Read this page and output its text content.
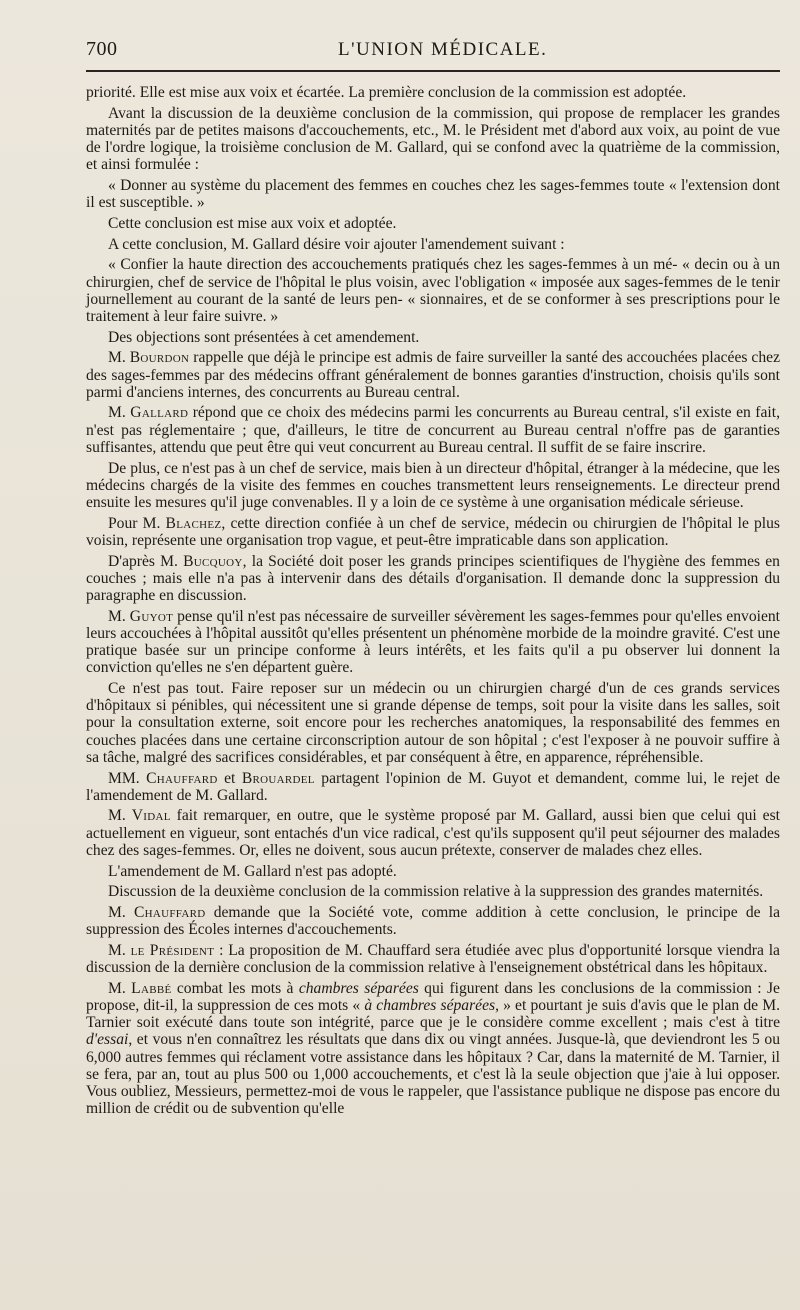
700	L'UNION MÉDICALE.

priorité. Elle est mise aux voix et écartée. La première conclusion de la commission est adoptée.

Avant la discussion de la deuxième conclusion de la commission, qui propose de remplacer les grandes maternités par de petites maisons d'accouchements, etc., M. le Président met d'abord aux voix, au point de vue de l'ordre logique, la troisième conclusion de M. Gallard, qui se confond avec la quatrième de la commission, et ainsi formulée :

« Donner au système du placement des femmes en couches chez les sages-femmes toute « l'extension dont il est susceptible. »

Cette conclusion est mise aux voix et adoptée.

A cette conclusion, M. Gallard désire voir ajouter l'amendement suivant :

« Confier la haute direction des accouchements pratiqués chez les sages-femmes à un mé- « decin ou à un chirurgien, chef de service de l'hôpital le plus voisin, avec l'obligation « imposée aux sages-femmes de le tenir journellement au courant de la santé de leurs pen- « sionnaires, et de se conformer à ses prescriptions pour le traitement à leur faire suivre. »

Des objections sont présentées à cet amendement.

M. Bourdon rappelle que déjà le principe est admis de faire surveiller la santé des accouchées placées chez des sages-femmes par des médecins offrant généralement de bonnes garanties d'instruction, choisis qu'ils sont parmi d'anciens internes, des concurrents au Bureau central.

M. Gallard répond que ce choix des médecins parmi les concurrents au Bureau central, s'il existe en fait, n'est pas réglementaire ; que, d'ailleurs, le titre de concurrent au Bureau central n'offre pas de garanties suffisantes, attendu que peut être qui veut concurrent au Bureau central. Il suffit de se faire inscrire.

De plus, ce n'est pas à un chef de service, mais bien à un directeur d'hôpital, étranger à la médecine, que les médecins chargés de la visite des femmes en couches transmettent leurs renseignements. Le directeur prend ensuite les mesures qu'il juge convenables. Il y a loin de ce système à une organisation médicale sérieuse.

Pour M. Blachez, cette direction confiée à un chef de service, médecin ou chirurgien de l'hôpital le plus voisin, représente une organisation trop vague, et peut-être impraticable dans son application.

D'après M. Bucquoy, la Société doit poser les grands principes scientifiques de l'hygiène des femmes en couches ; mais elle n'a pas à intervenir dans des détails d'organisation. Il demande donc la suppression du paragraphe en discussion.

M. Guyot pense qu'il n'est pas nécessaire de surveiller sévèrement les sages-femmes pour qu'elles envoient leurs accouchées à l'hôpital aussitôt qu'elles présentent un phénomène morbide de la moindre gravité. C'est une pratique basée sur un principe conforme à leurs intérêts, et les faits qu'il a pu observer lui donnent la conviction qu'elles ne s'en départent guère.

Ce n'est pas tout. Faire reposer sur un médecin ou un chirurgien chargé d'un de ces grands services d'hôpitaux si pénibles, qui nécessitent une si grande dépense de temps, soit pour la visite dans les salles, soit pour la consultation externe, soit encore pour les recherches anatomiques, la responsabilité des femmes en couches placées dans une certaine circonscription autour de son hôpital ; c'est l'exposer à ne pouvoir suffire à sa tâche, malgré des sacrifices considérables, et par conséquent à être, en apparence, répréhensible.

MM. Chauffard et Brouardel partagent l'opinion de M. Guyot et demandent, comme lui, le rejet de l'amendement de M. Gallard.

M. Vidal fait remarquer, en outre, que le système proposé par M. Gallard, aussi bien que celui qui est actuellement en vigueur, sont entachés d'un vice radical, c'est qu'ils supposent qu'il peut séjourner des malades chez des sages-femmes. Or, elles ne doivent, sous aucun prétexte, conserver de malades chez elles.

L'amendement de M. Gallard n'est pas adopté.

Discussion de la deuxième conclusion de la commission relative à la suppression des grandes maternités.

M. Chauffard demande que la Société vote, comme addition à cette conclusion, le principe de la suppression des Écoles internes d'accouchements.

M. le Président : La proposition de M. Chauffard sera étudiée avec plus d'opportunité lorsque viendra la discussion de la dernière conclusion de la commission relative à l'enseignement obstétrical dans les hôpitaux.

M. Labbé combat les mots à chambres séparées qui figurent dans les conclusions de la commission : Je propose, dit-il, la suppression de ces mots « à chambres séparées, » et pourtant je suis d'avis que le plan de M. Tarnier soit exécuté dans toute son intégrité, parce que je le considère comme excellent ; mais c'est à titre d'essai, et vous n'en connaîtrez les résultats que dans dix ou vingt années. Jusque-là, que deviendront les 5 ou 6,000 autres femmes qui réclament votre assistance dans les hôpitaux ? Car, dans la maternité de M. Tarnier, il se fera, par an, tout au plus 500 ou 1,000 accouchements, et c'est là la seule objection que j'aie à lui opposer. Vous oubliez, Messieurs, permettez-moi de vous le rappeler, que l'assistance publique ne dispose pas encore du million de crédit ou de subvention qu'elle
